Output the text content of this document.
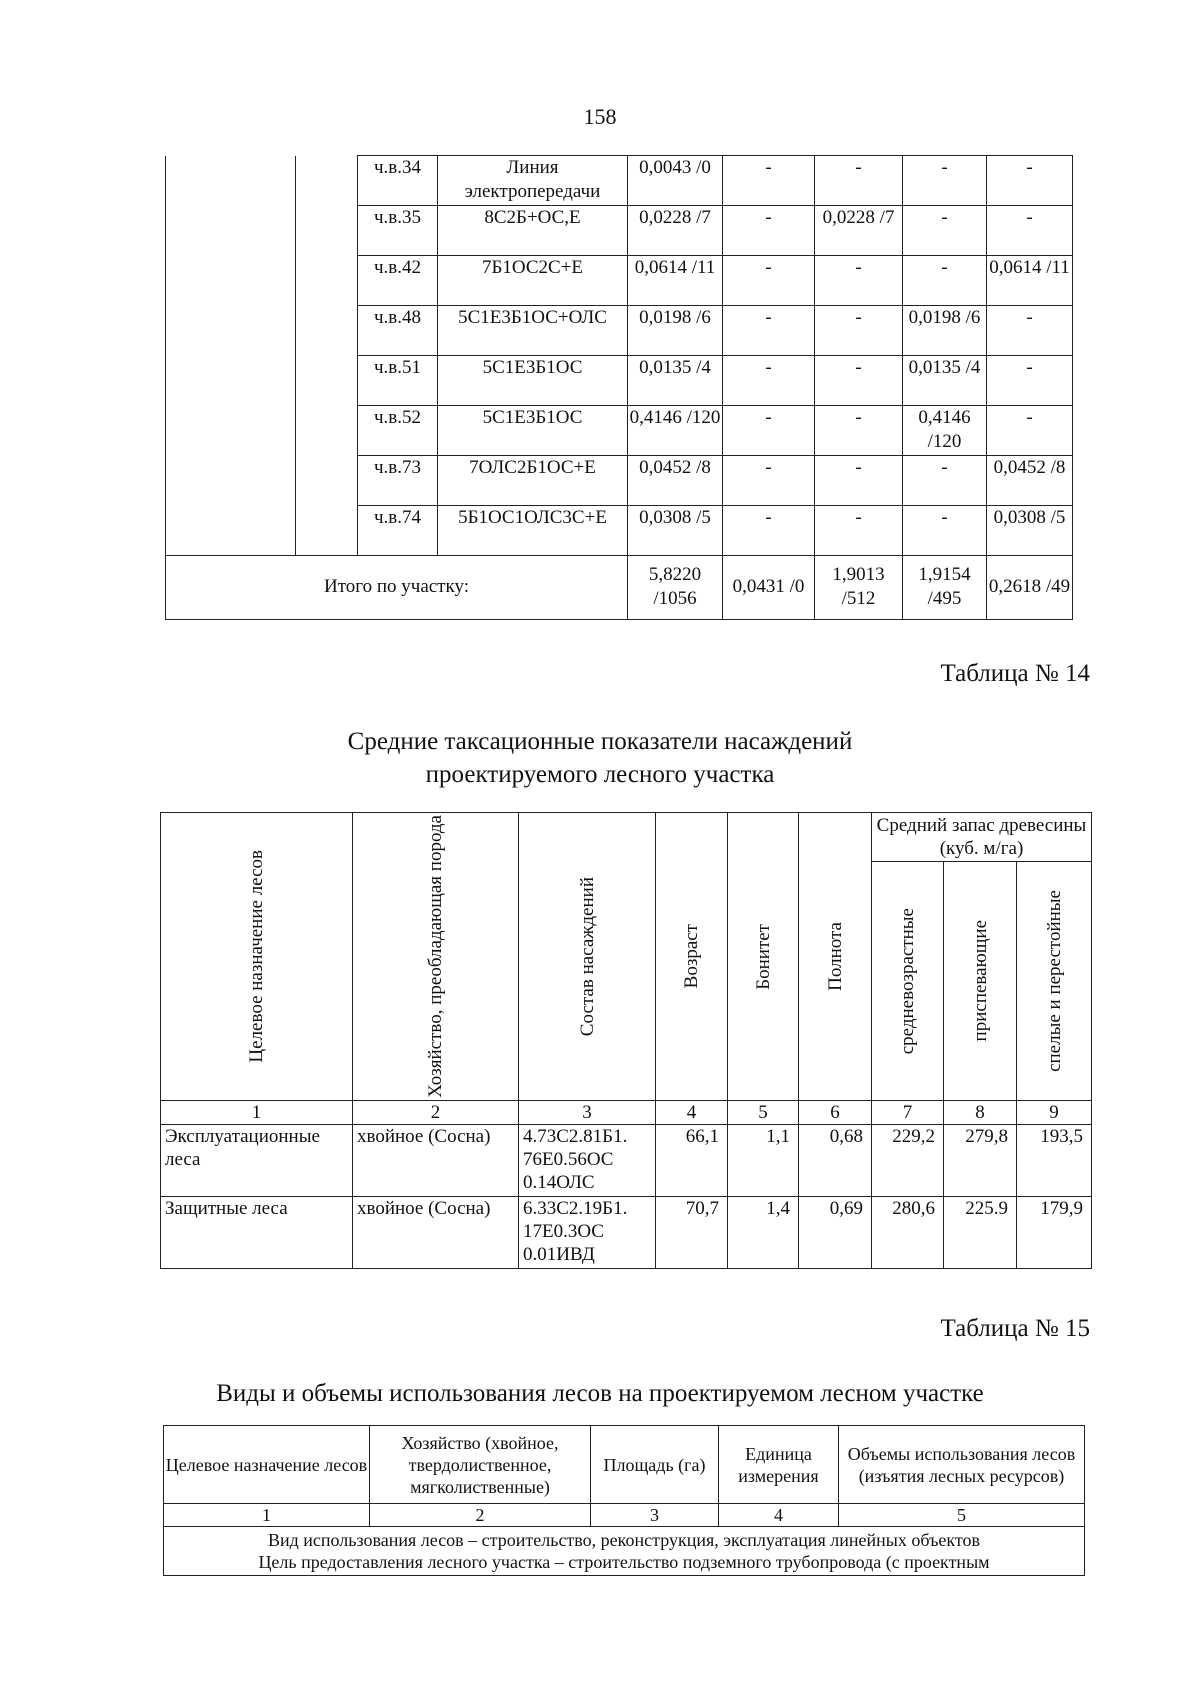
158
		ч.в.34	Линия электропередачи	0,0043 /0	-	-	-	-
		ч.в.35	8С2Б+ОС,Е	0,0228 /7	-	0,0228 /7	-	-
		ч.в.42	7Б1ОС2С+Е	0,0614 /11	-	-	-	0,0614 /11
		ч.в.48	5С1Е3Б1ОС+ОЛС	0,0198 /6	-	-	0,0198 /6	-
		ч.в.51	5С1Е3Б1ОС	0,0135 /4	-	-	0,0135 /4	-
		ч.в.52	5С1Е3Б1ОС	0,4146 /120	-	-	0,4146 /120	-
		ч.в.73	7ОЛС2Б1ОС+Е	0,0452 /8	-	-	-	0,0452 /8
		ч.в.74	5Б1ОС1ОЛС3С+Е	0,0308 /5	-	-	-	0,0308 /5
Итого по участку:				5,8220 /1056	0,0431 /0	1,9013 /512	1,9154 /495	0,2618 /49
Таблица № 14
Средние таксационные показатели насаждений
проектируемого лесного участка
Целевое назначение лесов	Хозяйство, преобладающая порода	Состав насаждений	Возраст	Бонитет	Полнота	Средний запас древесины (куб. м/га)		

						средневозрастные	приспевающие	спелые и перестойные

1	2	3	4	5	6	7	8	9
Эксплуатационные леса	хвойное (Сосна)	4.73С2.81Б1. 76Е0.56ОС 0.14ОЛС	66,1	1,1	0,68	229,2	279,8	193,5
Защитные леса	хвойное (Сосна)	6.33С2.19Б1. 17Е0.3ОС 0.01ИВД	70,7	1,4	0,69	280,6	225.9	179,9
Таблица № 15
Виды и объемы использования лесов на проектируемом лесном участке
Целевое назначение лесов	Хозяйство (хвойное, твердолиственное, мягколиственные)	Площадь (га)	Единица измерения	Объемы использования лесов (изъятия лесных ресурсов)
1	2	3	4	5

Вид использования лесов – строительство, реконструкция, эксплуатация линейных объектов
Цель предоставления лесного участка – строительство подземного трубопровода (с проектным				
